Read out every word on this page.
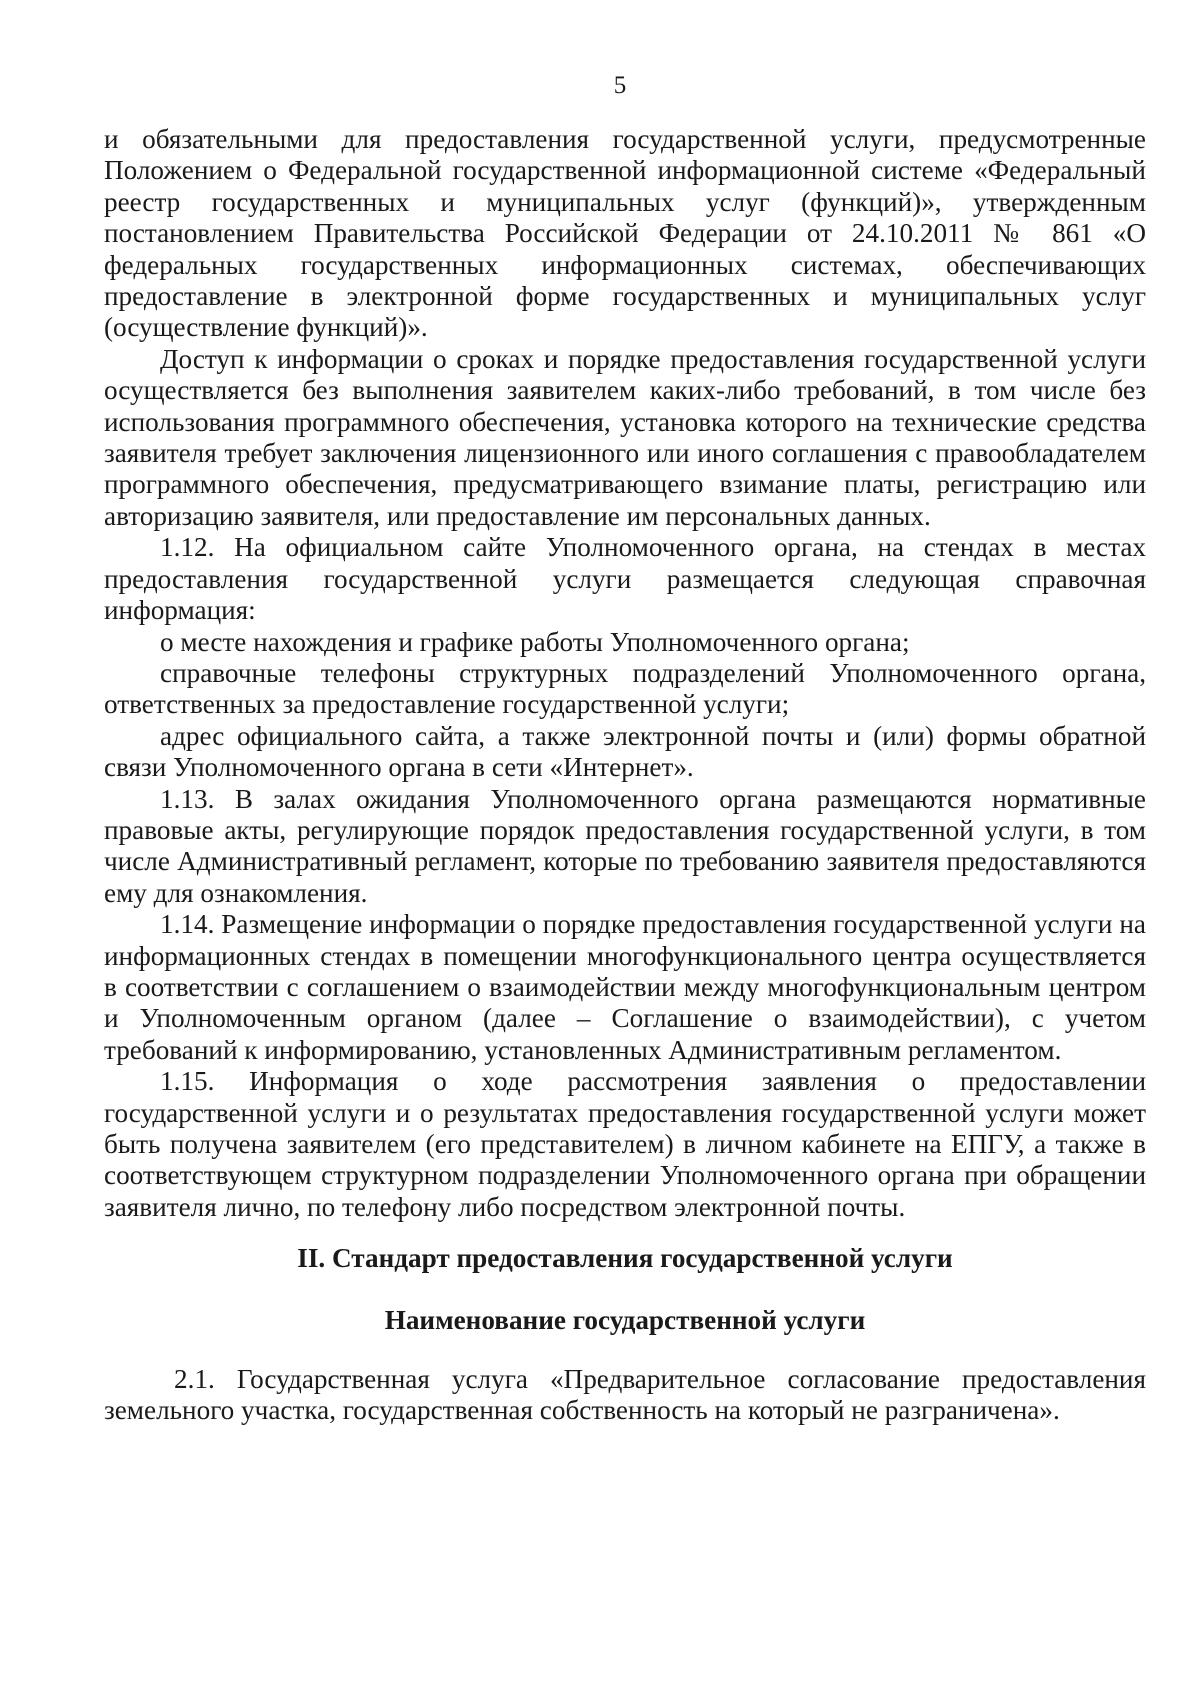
5

и обязательными для предоставления государственной услуги, предусмотренные Положением о Федеральной государственной информационной системе «Федеральный реестр государственных и муниципальных услуг (функций)», утвержденным постановлением Правительства Российской Федерации от 24.10.2011 № 861 «О федеральных государственных информационных системах, обеспечивающих предоставление в электронной форме государственных и муниципальных услуг (осуществление функций)».

Доступ к информации о сроках и порядке предоставления государственной услуги осуществляется без выполнения заявителем каких-либо требований, в том числе без использования программного обеспечения, установка которого на технические средства заявителя требует заключения лицензионного или иного соглашения с правообладателем программного обеспечения, предусматривающего взимание платы, регистрацию или авторизацию заявителя, или предоставление им персональных данных.

1.12. На официальном сайте Уполномоченного органа, на стендах в местах предоставления государственной услуги размещается следующая справочная информация:

о месте нахождения и графике работы Уполномоченного органа;

справочные телефоны структурных подразделений Уполномоченного органа, ответственных за предоставление государственной услуги;

адрес официального сайта, а также электронной почты и (или) формы обратной связи Уполномоченного органа в сети «Интернет».

1.13. В залах ожидания Уполномоченного органа размещаются нормативные правовые акты, регулирующие порядок предоставления государственной услуги, в том числе Административный регламент, которые по требованию заявителя предоставляются ему для ознакомления.

1.14. Размещение информации о порядке предоставления государственной услуги на информационных стендах в помещении многофункционального центра осуществляется в соответствии с соглашением о взаимодействии между многофункциональным центром и Уполномоченным органом (далее – Соглашение о взаимодействии), с учетом требований к информированию, установленных Административным регламентом.

1.15. Информация о ходе рассмотрения заявления о предоставлении государственной услуги и о результатах предоставления государственной услуги может быть получена заявителем (его представителем) в личном кабинете на ЕПГУ, а также в соответствующем структурном подразделении Уполномоченного органа при обращении заявителя лично, по телефону либо посредством электронной почты.

II. Стандарт предоставления государственной услуги
Наименование государственной услуги

2.1. Государственная услуга «Предварительное согласование предоставления земельного участка, государственная собственность на который не разграничена».
